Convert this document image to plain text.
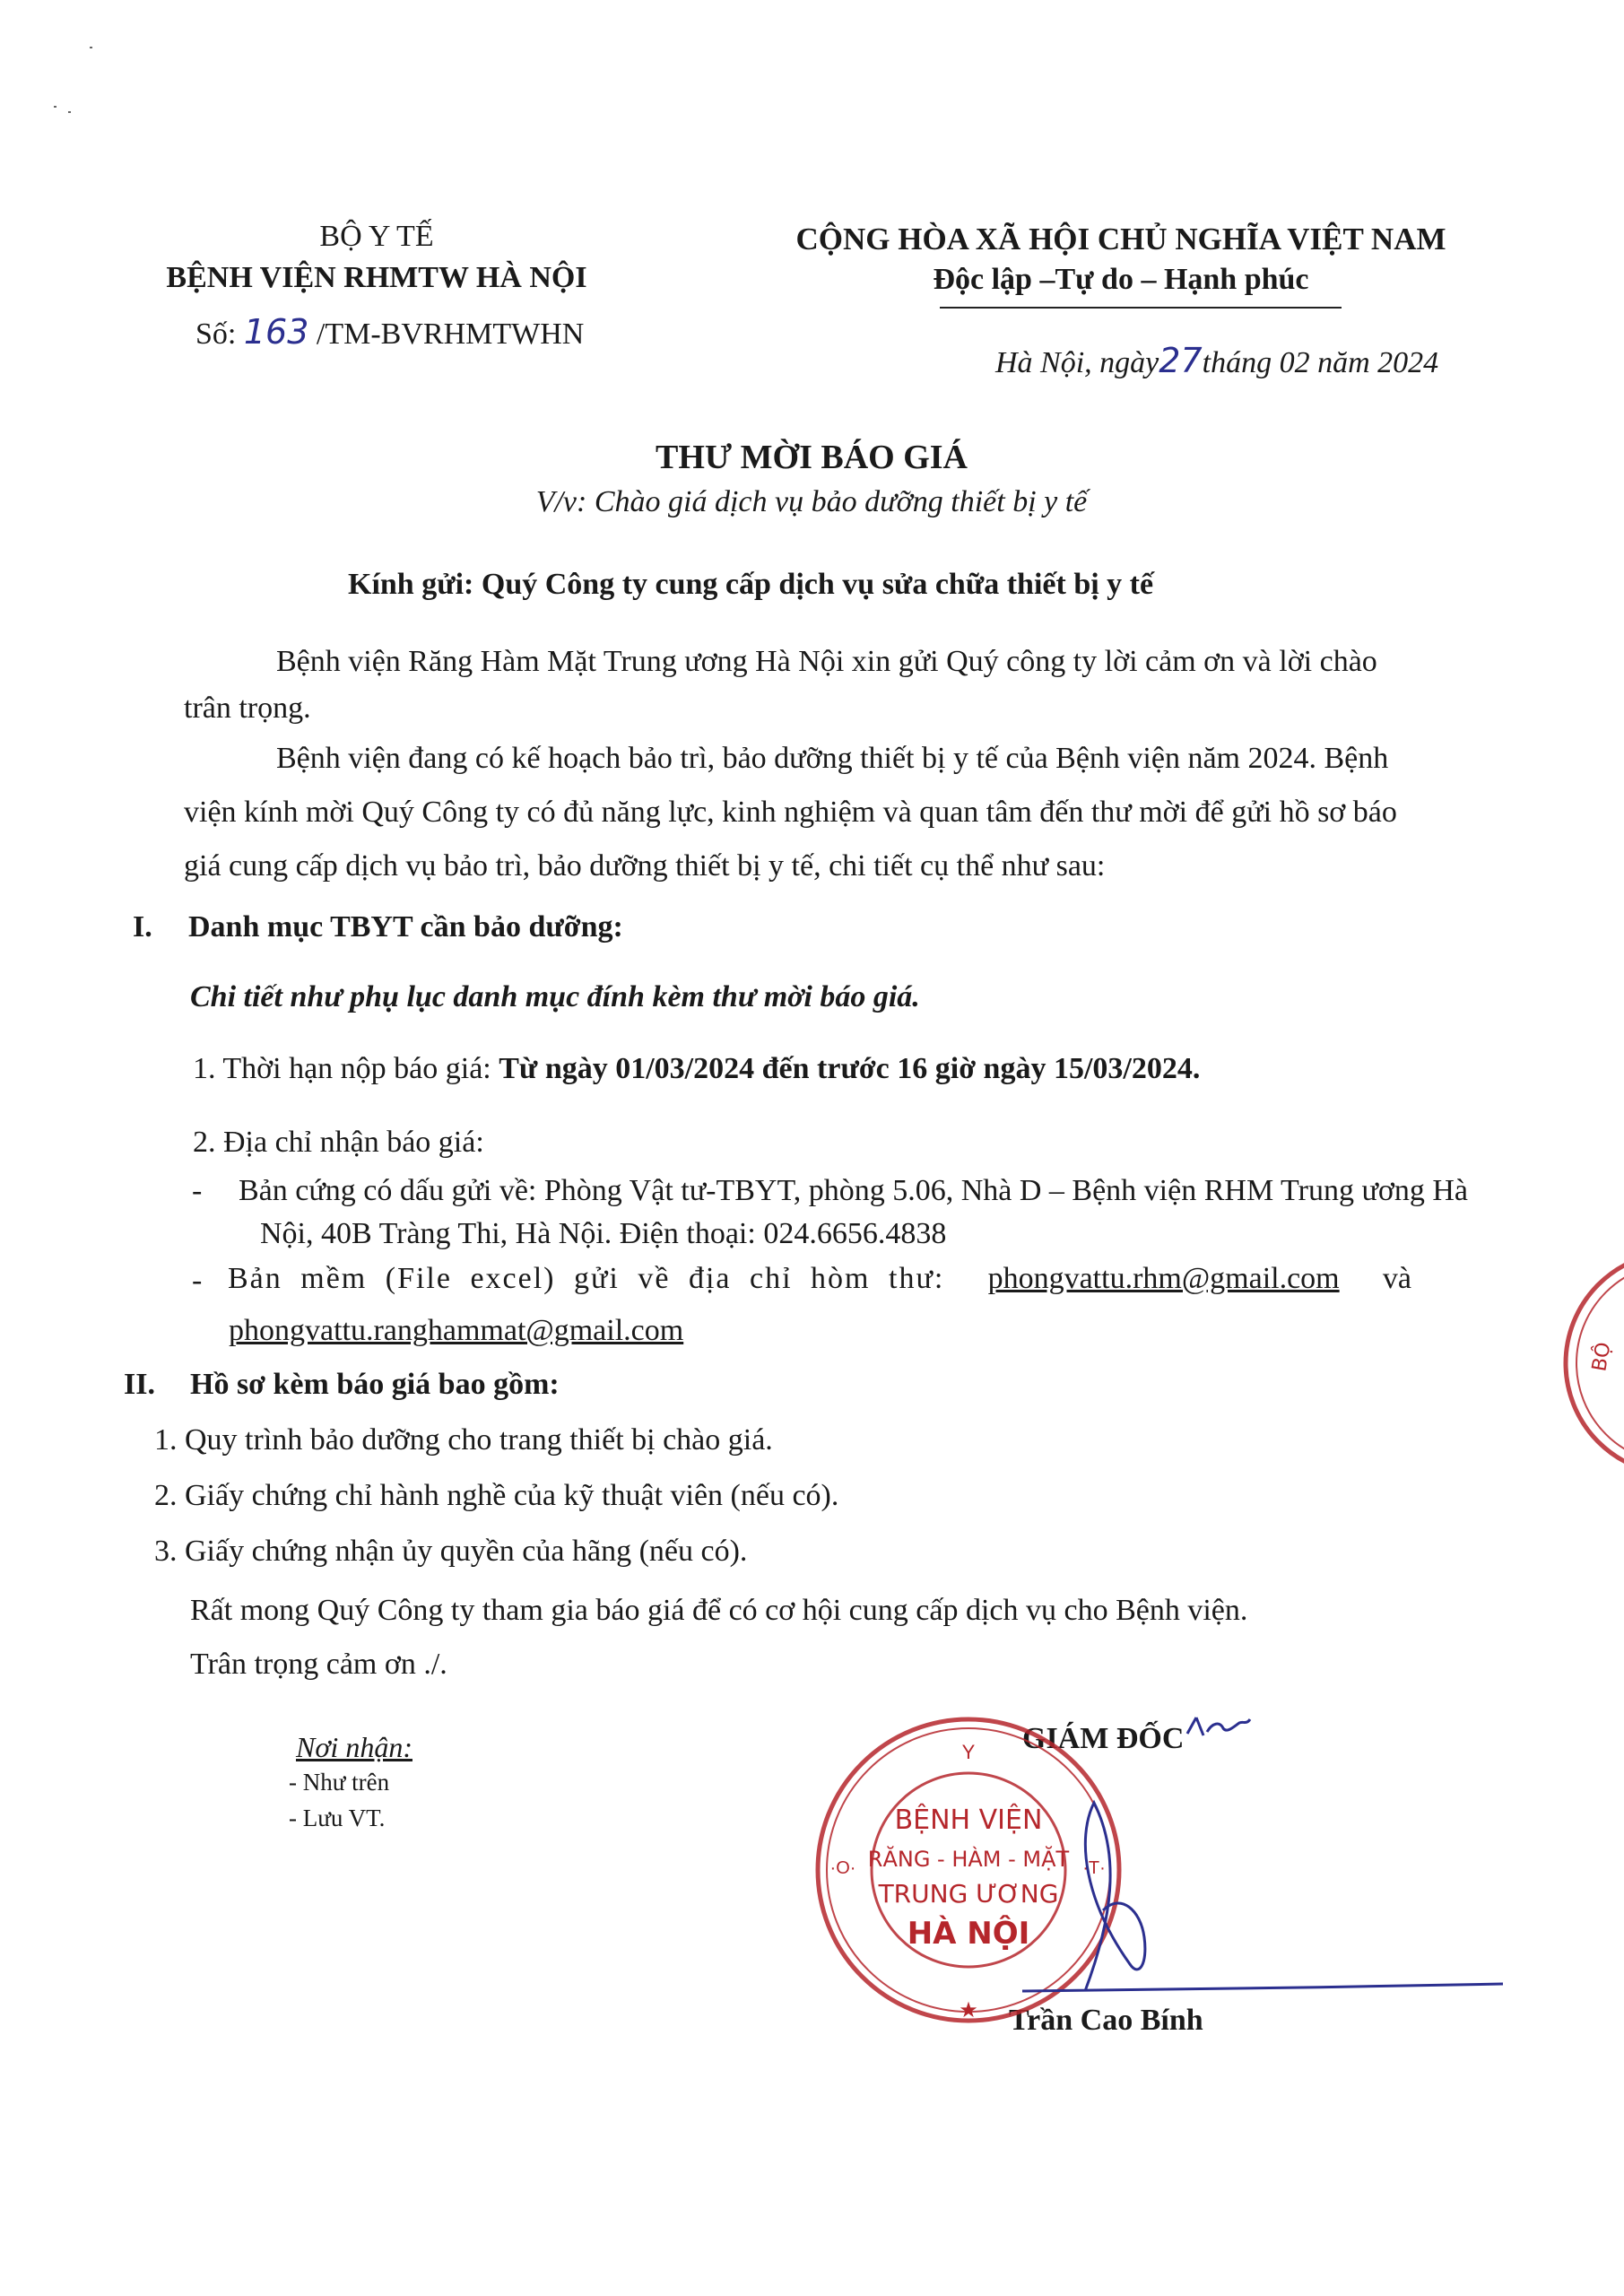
BỘ Y TẾ
BỆNH VIỆN RHMTW HÀ NỘI
Số: 163 /TM-BVRHMTWHN
CỘNG HÒA XÃ HỘI CHỦ NGHĨA VIỆT NAM
Độc lập –Tự do – Hạnh phúc
Hà Nội, ngày27tháng 02 năm 2024
THƯ MỜI BÁO GIÁ
V/v: Chào giá dịch vụ bảo dưỡng thiết bị y tế
Kính gửi: Quý Công ty cung cấp dịch vụ sửa chữa thiết bị y tế
Bệnh viện Răng Hàm Mặt Trung ương Hà Nội xin gửi Quý công ty lời cảm ơn và lời chào
trân trọng.
Bệnh viện đang có kế hoạch bảo trì, bảo dưỡng thiết bị y tế của Bệnh viện năm 2024. Bệnh
viện kính mời Quý Công ty có đủ năng lực, kinh nghiệm và quan tâm đến thư mời để gửi hồ sơ báo
giá cung cấp dịch vụ bảo trì, bảo dưỡng thiết bị y tế, chi tiết cụ thể như sau:
I. Danh mục TBYT cần bảo dưỡng:
Chi tiết như phụ lục danh mục đính kèm thư mời báo giá.
1. Thời hạn nộp báo giá: Từ ngày 01/03/2024 đến trước 16 giờ ngày 15/03/2024.
2. Địa chỉ nhận báo giá:
- Bản cứng có dấu gửi về: Phòng Vật tư-TBYT, phòng 5.06, Nhà D – Bệnh viện RHM Trung ương Hà
Nội, 40B Tràng Thi, Hà Nội. Điện thoại: 024.6656.4838
- Bản mềm (File excel) gửi về địa chỉ hòm thư: phongvattu.rhm@gmail.com và
phongvattu.ranghammat@gmail.com
II. Hồ sơ kèm báo giá bao gồm:
1. Quy trình bảo dưỡng cho trang thiết bị chào giá.
2. Giấy chứng chỉ hành nghề của kỹ thuật viên (nếu có).
3. Giấy chứng nhận ủy quyền của hãng (nếu có).
Rất mong Quý Công ty tham gia báo giá để có cơ hội cung cấp dịch vụ cho Bệnh viện.
Trân trọng cảm ơn ./.
Nơi nhận:
- Như trên
- Lưu VT.
GIÁM ĐỐC
Trần Cao Bính
Y
★
·O·	·T·
BỆNH VIỆN
RĂNG - HÀM - MẶT
TRUNG ƯƠNG
HÀ NỘI
BỘ
